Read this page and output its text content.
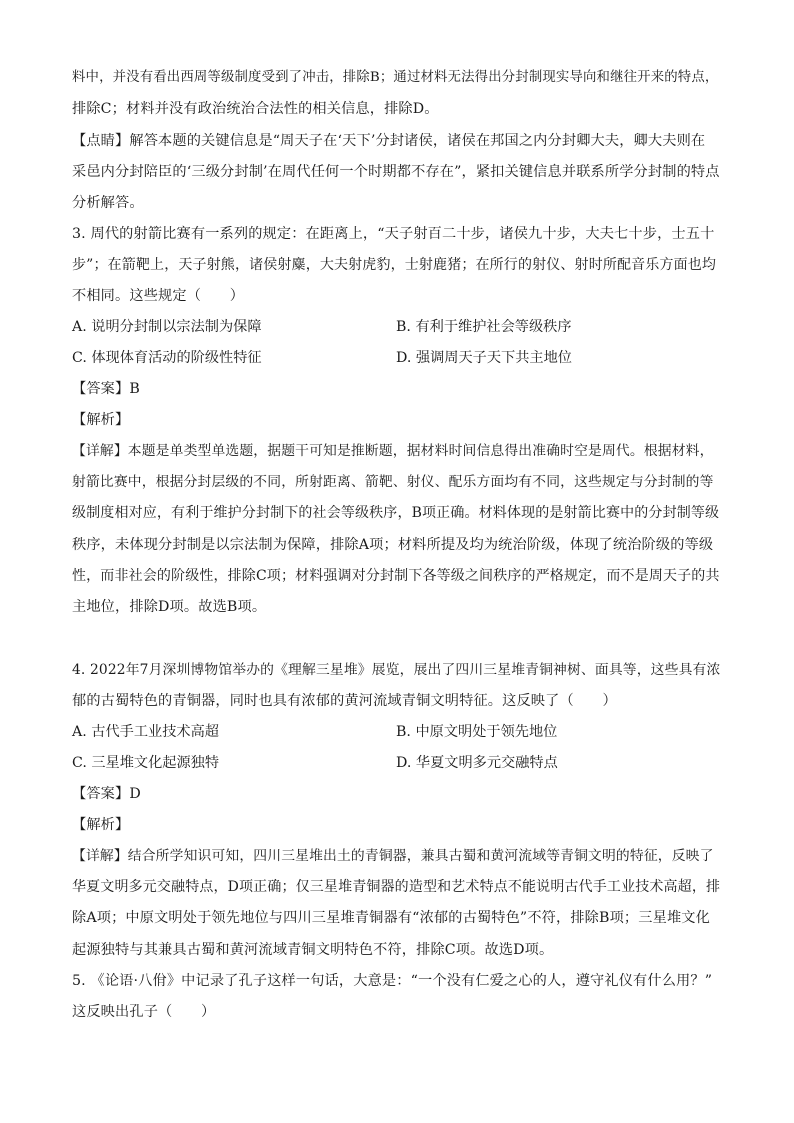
料中，并没有看出西周等级制度受到了冲击，排除B；通过材料无法得出分封制现实导向和继往开来的特点，
排除C；材料并没有政治统治合法性的相关信息，排除D。
【点睛】解答本题的关键信息是“周天子在‘天下’分封诸侯，诸侯在邦国之内分封卿大夫，卿大夫则在
采邑内分封陪臣的‘三级分封制’在周代任何一个时期都不存在”，紧扣关键信息并联系所学分封制的特点
分析解答。
3. 周代的射箭比赛有一系列的规定：在距离上，“天子射百二十步，诸侯九十步，大夫七十步，士五十
步”；在箭靶上，天子射熊，诸侯射麋，大夫射虎豹，士射鹿猪；在所行的射仪、射时所配音乐方面也均
不相同。这些规定（　　）
A. 说明分封制以宗法制为保障	B. 有利于维护社会等级秩序
C. 体现体育活动的阶级性特征	D. 强调周天子天下共主地位
【答案】B
【解析】
【详解】本题是单类型单选题，据题干可知是推断题，据材料时间信息得出准确时空是周代。根据材料，
射箭比赛中，根据分封层级的不同，所射距离、箭靶、射仪、配乐方面均有不同，这些规定与分封制的等
级制度相对应，有利于维护分封制下的社会等级秩序，B项正确。材料体现的是射箭比赛中的分封制等级
秩序，未体现分封制是以宗法制为保障，排除A项；材料所提及均为统治阶级，体现了统治阶级的等级
性，而非社会的阶级性，排除C项；材料强调对分封制下各等级之间秩序的严格规定，而不是周天子的共
主地位，排除D项。故选B项。
4. 2022年7月深圳博物馆举办的《理解三星堆》展览，展出了四川三星堆青铜神树、面具等，这些具有浓
郁的古蜀特色的青铜器，同时也具有浓郁的黄河流域青铜文明特征。这反映了（　　）
A. 古代手工业技术高超	B. 中原文明处于领先地位
C. 三星堆文化起源独特	D. 华夏文明多元交融特点
【答案】D
【解析】
【详解】结合所学知识可知，四川三星堆出土的青铜器，兼具古蜀和黄河流域等青铜文明的特征，反映了
华夏文明多元交融特点，D项正确；仅三星堆青铜器的造型和艺术特点不能说明古代手工业技术高超，排
除A项；中原文明处于领先地位与四川三星堆青铜器有“浓郁的古蜀特色”不符，排除B项；三星堆文化
起源独特与其兼具古蜀和黄河流域青铜文明特色不符，排除C项。故选D项。
5. 《论语·八佾》中记录了孔子这样一句话，大意是：“一个没有仁爱之心的人，遵守礼仪有什么用？”
这反映出孔子（　　）
